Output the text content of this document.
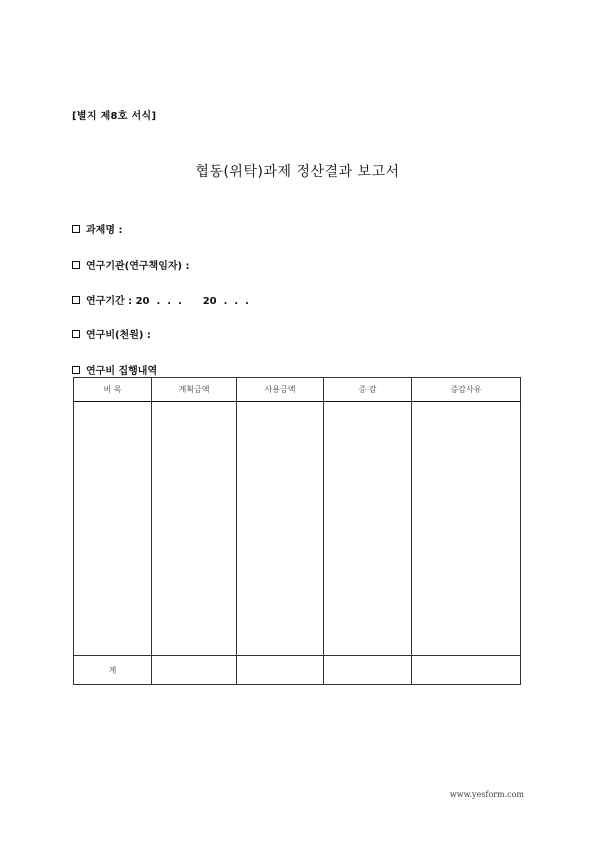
[별지 제8호 서식]
협동(위탁)과제 정산결과 보고서
과제명 :
연구기관(연구책임자) :
연구기간 : 20  .  .  .      20  .  .  .
연구비(천원) :
연구비 집행내역
비 목	계획금액	사용금액	증 감	증감사유

계				
www.yesform.com
